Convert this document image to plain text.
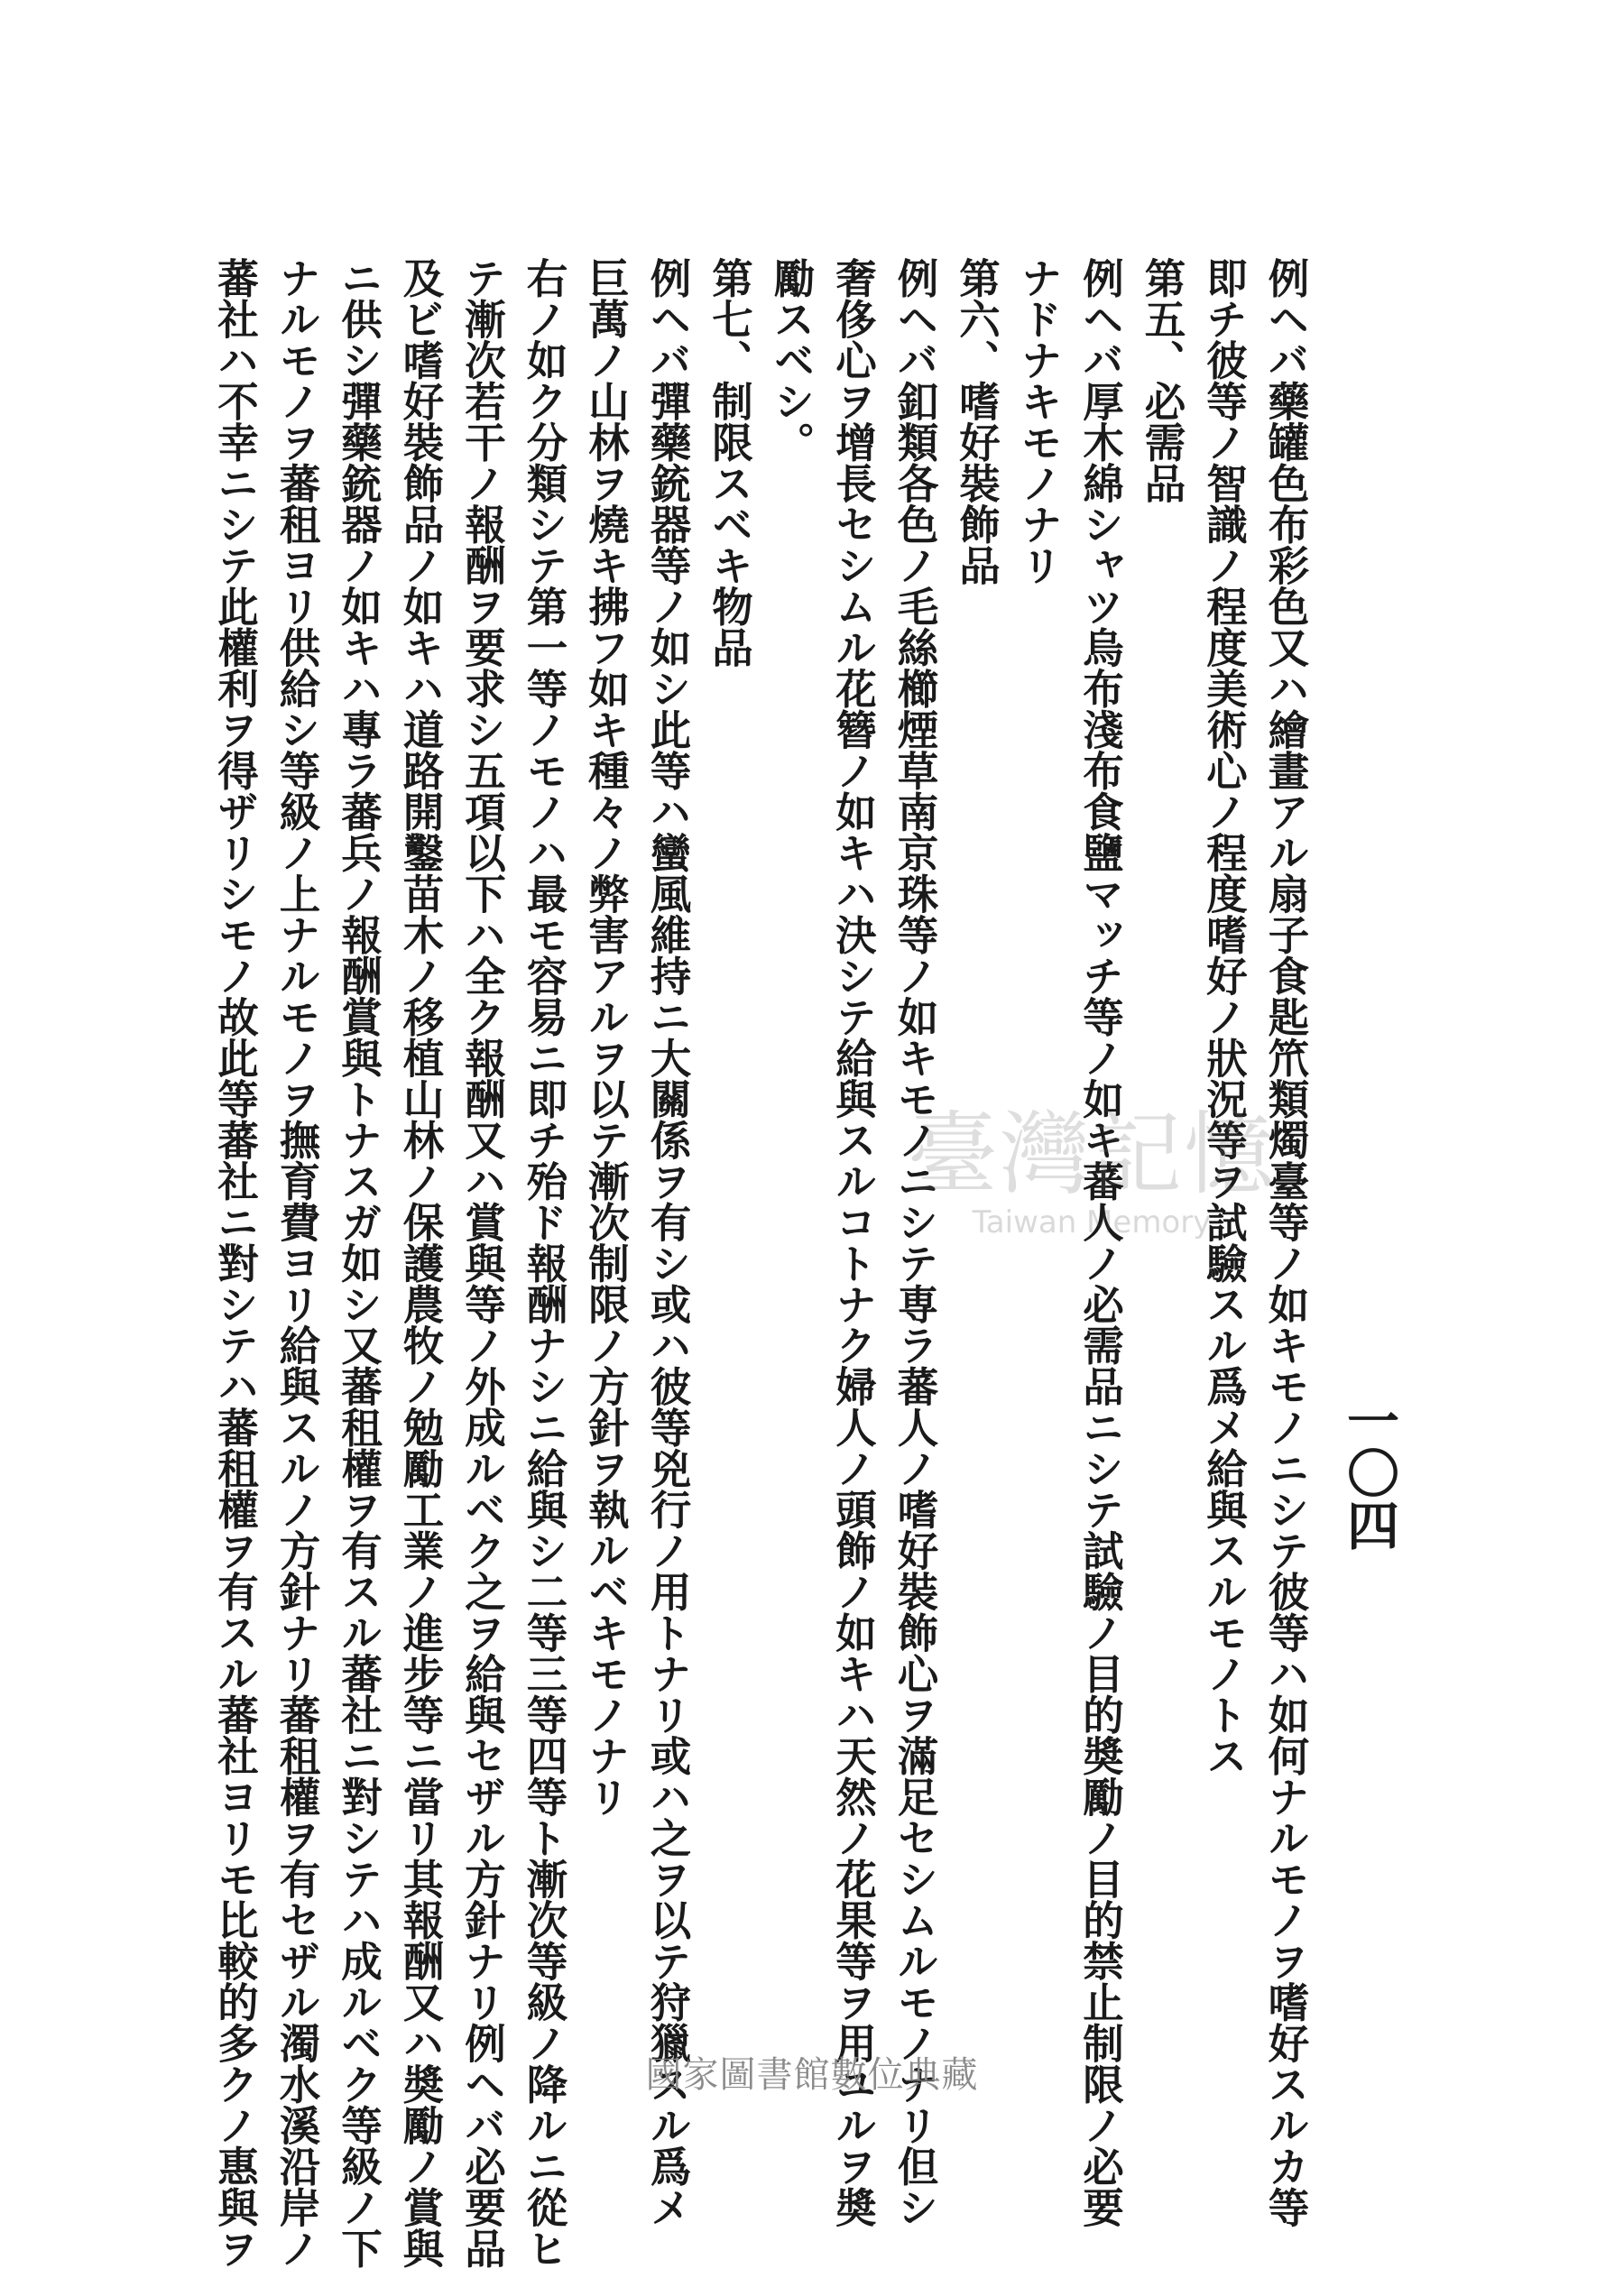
一〇四
例ヘバ藥罐色布彩色又ハ繪畫アル扇子食匙笊類燭臺等ノ如キモノニシテ彼等ハ如何ナルモノヲ嗜好スルカ等
即チ彼等ノ智識ノ程度美術心ノ程度嗜好ノ狀況等ヲ試驗スル爲メ給與スルモノトス
第五、必需品
例ヘバ厚木綿シャツ烏布淺布食鹽マッチ等ノ如キ蕃人ノ必需品ニシテ試驗ノ目的奬勵ノ目的禁止制限ノ必要
ナドナキモノナリ
第六、嗜好裝飾品
例ヘバ釦類各色ノ毛絲櫛煙草南京珠等ノ如キモノニシテ専ラ蕃人ノ嗜好裝飾心ヲ滿足セシムルモノナリ但シ
奢侈心ヲ增長セシムル花簪ノ如キハ決シテ給與スルコトナク婦人ノ頭飾ノ如キハ天然ノ花果等ヲ用ユルヲ奬
勵スベシ。
第七、制限スベキ物品
例ヘバ彈藥銃器等ノ如シ此等ハ蠻風維持ニ大關係ヲ有シ或ハ彼等兇行ノ用トナリ或ハ之ヲ以テ狩獵スル爲メ
巨萬ノ山林ヲ燒キ拂フ如キ種々ノ弊害アルヲ以テ漸次制限ノ方針ヲ執ルベキモノナリ
右ノ如ク分類シテ第一等ノモノハ最モ容易ニ即チ殆ド報酬ナシニ給與シ二等三等四等ト漸次等級ノ降ルニ從ヒ
テ漸次若干ノ報酬ヲ要求シ五項以下ハ全ク報酬又ハ賞與等ノ外成ルベク之ヲ給與セザル方針ナリ例ヘバ必要品
及ビ嗜好裝飾品ノ如キハ道路開鑿苗木ノ移植山林ノ保護農牧ノ勉勵工業ノ進步等ニ當リ其報酬又ハ奬勵ノ賞與
ニ供シ彈藥銃器ノ如キハ專ラ蕃兵ノ報酬賞與トナスガ如シ又蕃租權ヲ有スル蕃社ニ對シテハ成ルベク等級ノ下
ナルモノヲ蕃租ヨリ供給シ等級ノ上ナルモノヲ撫育費ヨリ給與スルノ方針ナリ蕃租權ヲ有セザル濁水溪沿岸ノ
蕃社ハ不幸ニシテ此權利ヲ得ザリシモノ故此等蕃社ニ對シテハ蕃租權ヲ有スル蕃社ヨリモ比較的多クノ惠與ヲ	臺灣記憶
Taiwan Memory
國家圖書館數位典藏
